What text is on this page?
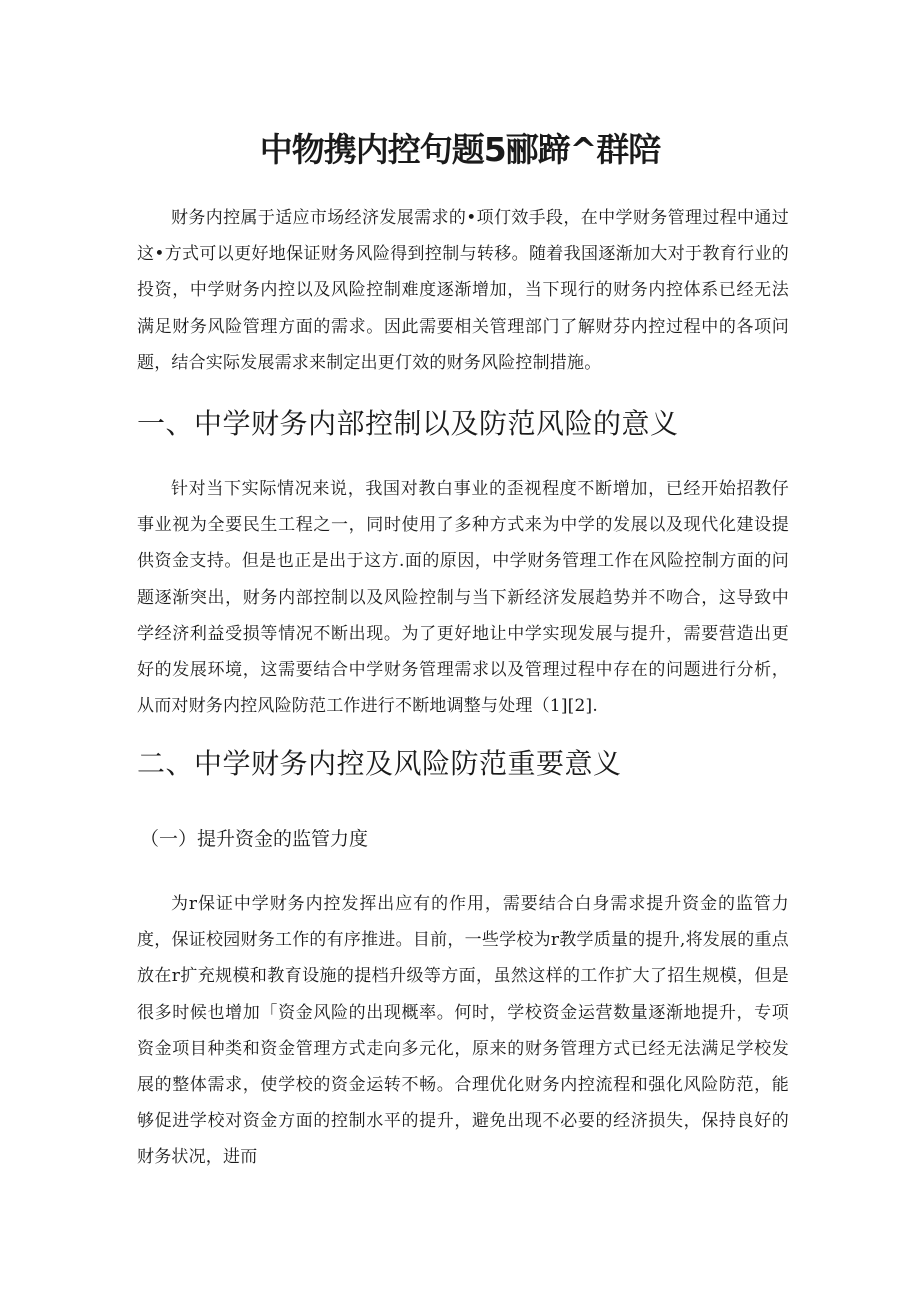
中物携内控句题5郦蹄^群陪

财务内控属于适应市场经济发展需求的•项仃效手段，在中学财务管理过程中通过这•方式可以更好地保证财务风险得到控制与转移。随着我国逐渐加大对于教育行业的投资，中学财务内控以及风险控制难度逐渐增加，当下现行的财务内控体系已经无法满足财务风险管理方面的需求。因此需要相关管理部门了解财芬内控过程中的各项问题，结合实际发展需求来制定出更仃效的财务风险控制措施。

一、中学财务内部控制以及防范风险的意义

针对当下实际情况来说，我国对教白事业的歪视程度不断增加，已经开始招教仔事业视为全要民生工程之一，同时使用了多种方式来为中学的发展以及现代化建设提供资金支持。但是也正是出于这方.面的原因，中学财务管理工作在风险控制方面的问题逐渐突出，财务内部控制以及风险控制与当下新经济发展趋势并不吻合，这导致中学经济利益受损等情况不断出现。为了更好地让中学实现发展与提升，需要营造出更好的发展环境，这需要结合中学财务管理需求以及管理过程中存在的问题进行分析，从而对财务内控风险防范工作进行不断地调整与处理（1][2].

二、中学财务内控及风险防范重要意义
（一）提升资金的监管力度

为r保证中学财务内控发挥出应有的作用，需要结合白身需求提升资金的监管力度，保证校园财务工作的有序推进。目前，一些学校为r教学质量的提升,将发展的重点放在r扩充规模和教育设施的提档升级等方面，虽然这样的工作扩大了招生规模，但是很多时候也增加「资金风险的出现概率。何时，学校资金运营数量逐渐地提升，专项资金项目种类和资金管理方式走向多元化，原来的财务管理方式已经无法满足学校发展的整体需求，使学校的资金运转不畅。合理优化财务内控流程和强化风险防范，能够促进学校对资金方面的控制水平的提升，避免出现不必要的经济损失，保持良好的财务状况，进而
